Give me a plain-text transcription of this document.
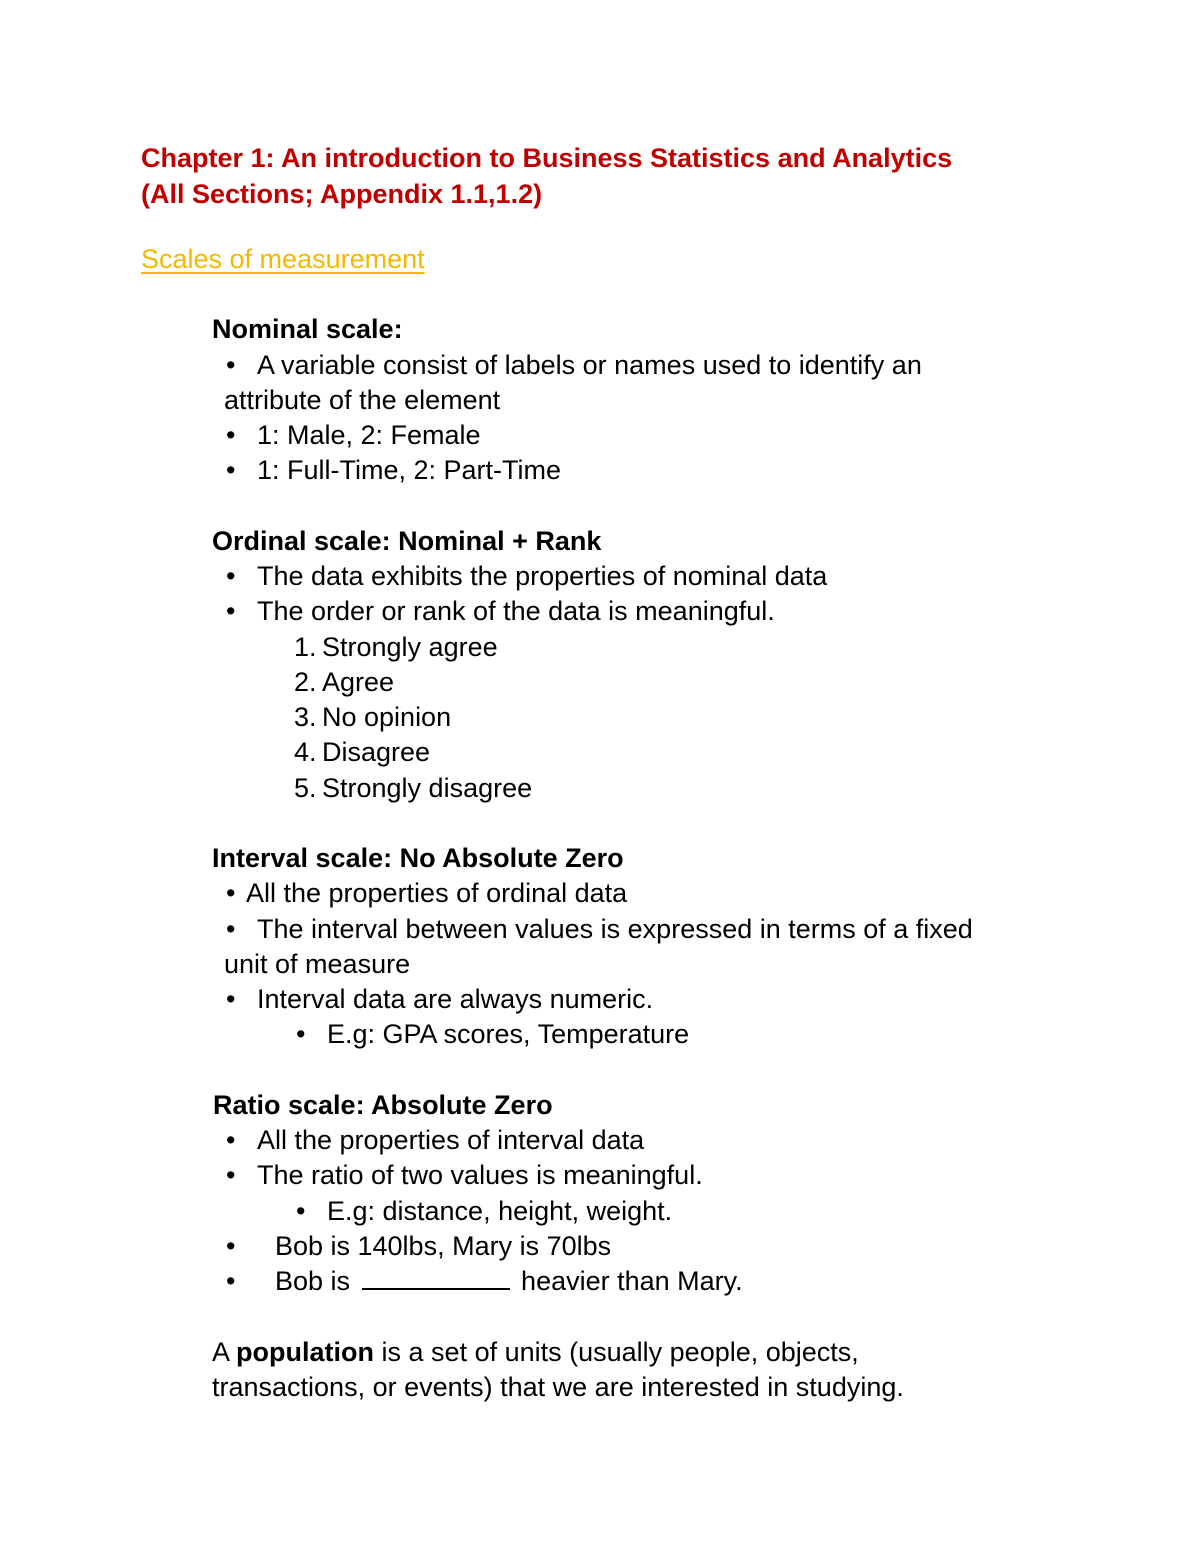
Chapter 1: An introduction to Business Statistics and Analytics
(All Sections; Appendix 1.1,1.2)
Scales of measurement
Nominal scale:
• A variable consist of labels or names used to identify an
attribute of the element
• 1: Male, 2: Female
• 1: Full-Time, 2: Part-Time
Ordinal scale: Nominal + Rank
• The data exhibits the properties of nominal data
• The order or rank of the data is meaningful.
1. Strongly agree
2. Agree
3. No opinion
4. Disagree
5. Strongly disagree
Interval scale: No Absolute Zero
• All the properties of ordinal data
• The interval between values is expressed in terms of a fixed
unit of measure
• Interval data are always numeric.
• E.g: GPA scores, Temperature
Ratio scale: Absolute Zero
• All the properties of interval data
• The ratio of two values is meaningful.
• E.g: distance, height, weight.
• Bob is 140lbs, Mary is 70lbs
• Bob is	heavier than Mary.
A population is a set of units (usually people, objects,
transactions, or events) that we are interested in studying.
